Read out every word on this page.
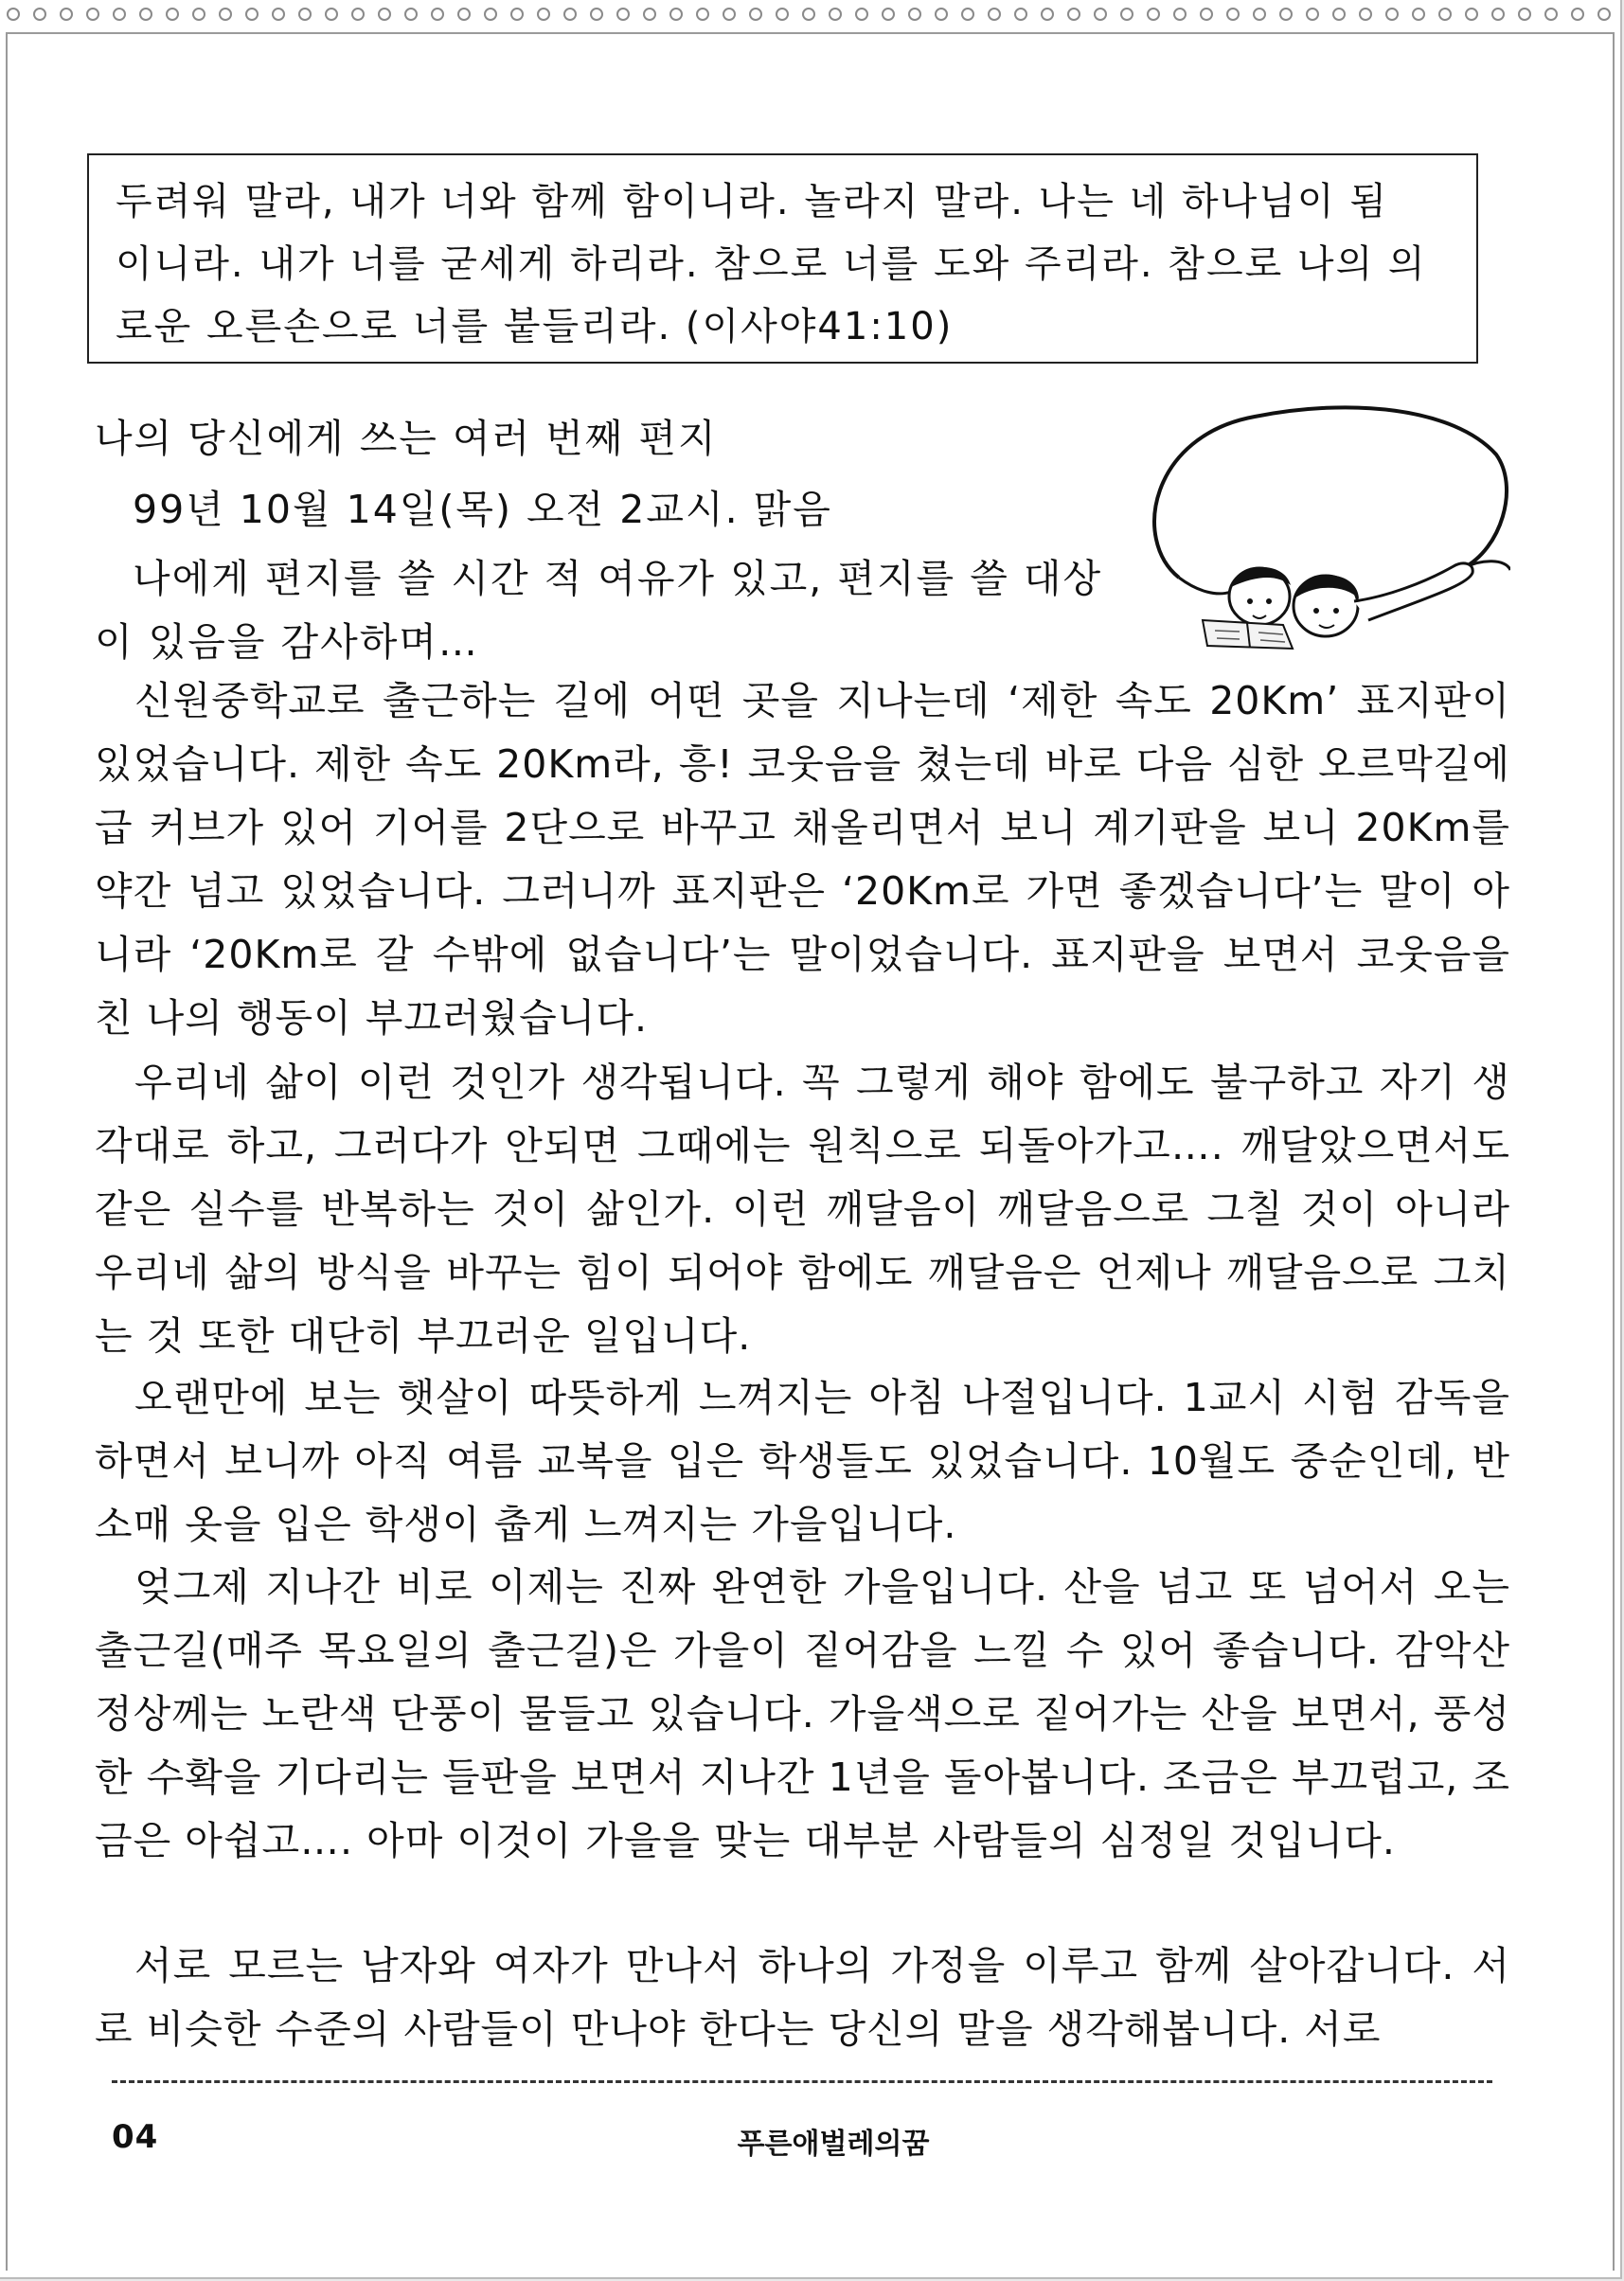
두려워 말라, 내가 너와 함께 함이니라. 놀라지 말라. 나는 네 하나님이 됨
이니라. 내가 너를 굳세게 하리라. 참으로 너를 도와 주리라. 참으로 나의 의
로운 오른손으로 너를 붙들리라. (이사야41:10)
나의 당신에게 쓰는 여러 번째 편지
99년 10월 14일(목) 오전 2교시. 맑음
나에게 편지를 쓸 시간 적 여유가 있고, 편지를 쓸 대상
이 있음을 감사하며…
신원중학교로 출근하는 길에 어떤 곳을 지나는데 ‘제한 속도 20Km’ 표지판이 있었습니다. 제한 속도 20Km라, 흥! 코웃음을 쳤는데 바로 다음 심한 오르막길에 급 커브가 있어 기어를 2단으로 바꾸고 채올리면서 보니 계기판을 보니 20Km를 약간 넘고 있었습니다. 그러니까 표지판은 ‘20Km로 가면 좋겠습니다’는 말이 아니라 ‘20Km로 갈 수밖에 없습니다’는 말이었습니다. 표지판을 보면서 코웃음을 친 나의 행동이 부끄러웠습니다.
우리네 삶이 이런 것인가 생각됩니다. 꼭 그렇게 해야 함에도 불구하고 자기 생각대로 하고, 그러다가 안되면 그때에는 원칙으로 되돌아가고…. 깨달았으면서도 같은 실수를 반복하는 것이 삶인가. 이런 깨달음이 깨달음으로 그칠 것이 아니라 우리네 삶의 방식을 바꾸는 힘이 되어야 함에도 깨달음은 언제나 깨달음으로 그치는 것 또한 대단히 부끄러운 일입니다.
오랜만에 보는 햇살이 따뜻하게 느껴지는 아침 나절입니다. 1교시 시험 감독을 하면서 보니까 아직 여름 교복을 입은 학생들도 있었습니다. 10월도 중순인데, 반소매 옷을 입은 학생이 춥게 느껴지는 가을입니다.
엊그제 지나간 비로 이제는 진짜 완연한 가을입니다. 산을 넘고 또 넘어서 오는 출근길(매주 목요일의 출근길)은 가을이 짙어감을 느낄 수 있어 좋습니다. 감악산 정상께는 노란색 단풍이 물들고 있습니다. 가을색으로 짙어가는 산을 보면서, 풍성한 수확을 기다리는 들판을 보면서 지나간 1년을 돌아봅니다. 조금은 부끄럽고, 조금은 아쉽고…. 아마 이것이 가을을 맞는 대부분 사람들의 심정일 것입니다.
서로 모르는 남자와 여자가 만나서 하나의 가정을 이루고 함께 살아갑니다. 서로 비슷한 수준의 사람들이 만나야 한다는 당신의 말을 생각해봅니다. 서로
04	푸른애벌레의꿈
